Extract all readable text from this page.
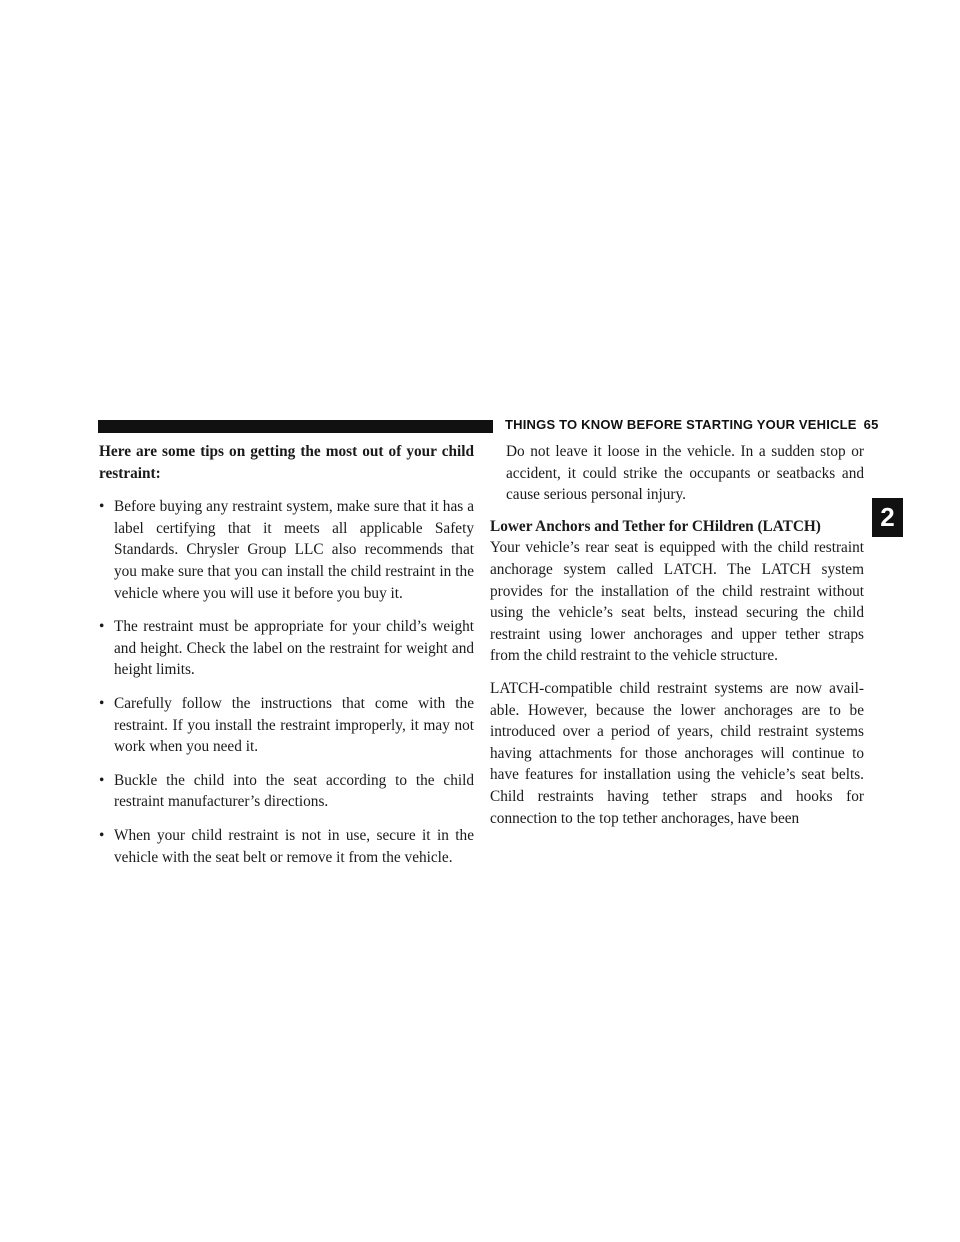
THINGS TO KNOW BEFORE STARTING YOUR VEHICLE 65
2

Here are some tips on getting the most out of your child restraint:

• Before buying any restraint system, make sure that it has a label certifying that it meets all applicable Safety Standards. Chrysler Group LLC also recommends that you make sure that you can install the child restraint in the vehicle where you will use it before you buy it.
• The restraint must be appropriate for your child’s weight and height. Check the label on the restraint for weight and height limits.
• Carefully follow the instructions that come with the restraint. If you install the restraint improperly, it may not work when you need it.
• Buckle the child into the seat according to the child restraint manufacturer’s directions.
• When your child restraint is not in use, secure it in the vehicle with the seat belt or remove it from the vehicle.

Do not leave it loose in the vehicle. In a sudden stop or accident, it could strike the occupants or seatbacks and cause serious personal injury.

Lower Anchors and Tether for CHildren (LATCH)

Your vehicle’s rear seat is equipped with the child restraint anchorage system called LATCH. The LATCH system provides for the installation of the child restraint without using the vehicle’s seat belts, instead securing the child restraint using lower anchorages and upper tether straps from the child restraint to the vehicle structure.

LATCH-compatible child restraint systems are now available. However, because the lower anchorages are to be introduced over a period of years, child restraint systems having attachments for those anchorages will continue to have features for installation using the vehicle’s seat belts. Child restraints having tether straps and hooks for connection to the top tether anchorages, have been
